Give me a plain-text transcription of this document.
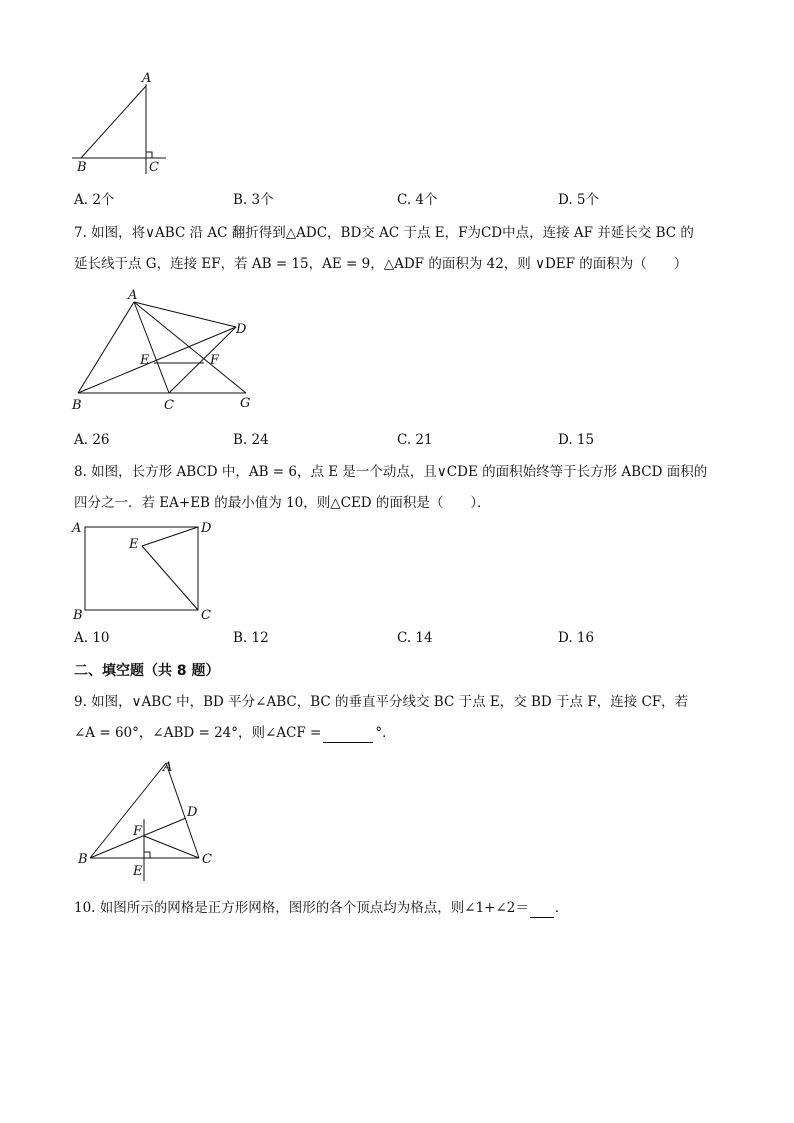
A
B	C
A. 2个	B. 3个	C. 4个	D. 5个
7. 如图，将∨ABC 沿 AC 翻折得到△ADC，BD交 AC 于点 E，F为CD中点，连接 AF 并延长交 BC 的
延长线于点 G，连接 EF，若 AB = 15，AE = 9，△ADF 的面积为 42，则 ∨DEF 的面积为（　　）
A
D
E	F
B	C	G
A. 26	B. 24	C. 21	D. 15
8. 如图，长方形 ABCD 中，AB = 6，点 E 是一个动点，且∨CDE 的面积始终等于长方形 ABCD 面积的
四分之一．若 EA+EB 的最小值为 10，则△CED 的面积是（　　）．
A	D
E
B	C
A. 10	B. 12	C. 14	D. 16
二、填空题（共 8 题）
9. 如图，∨ABC 中，BD 平分∠ABC，BC 的垂直平分线交 BC 于点 E，交 BD 于点 F，连接 CF，若
∠A = 60°，∠ABD = 24°，则∠ACF =	°．
A
D
F
B	C
E
10. 如图所示的网格是正方形网格，图形的各个顶点均为格点，则∠1+∠2＝ ．
